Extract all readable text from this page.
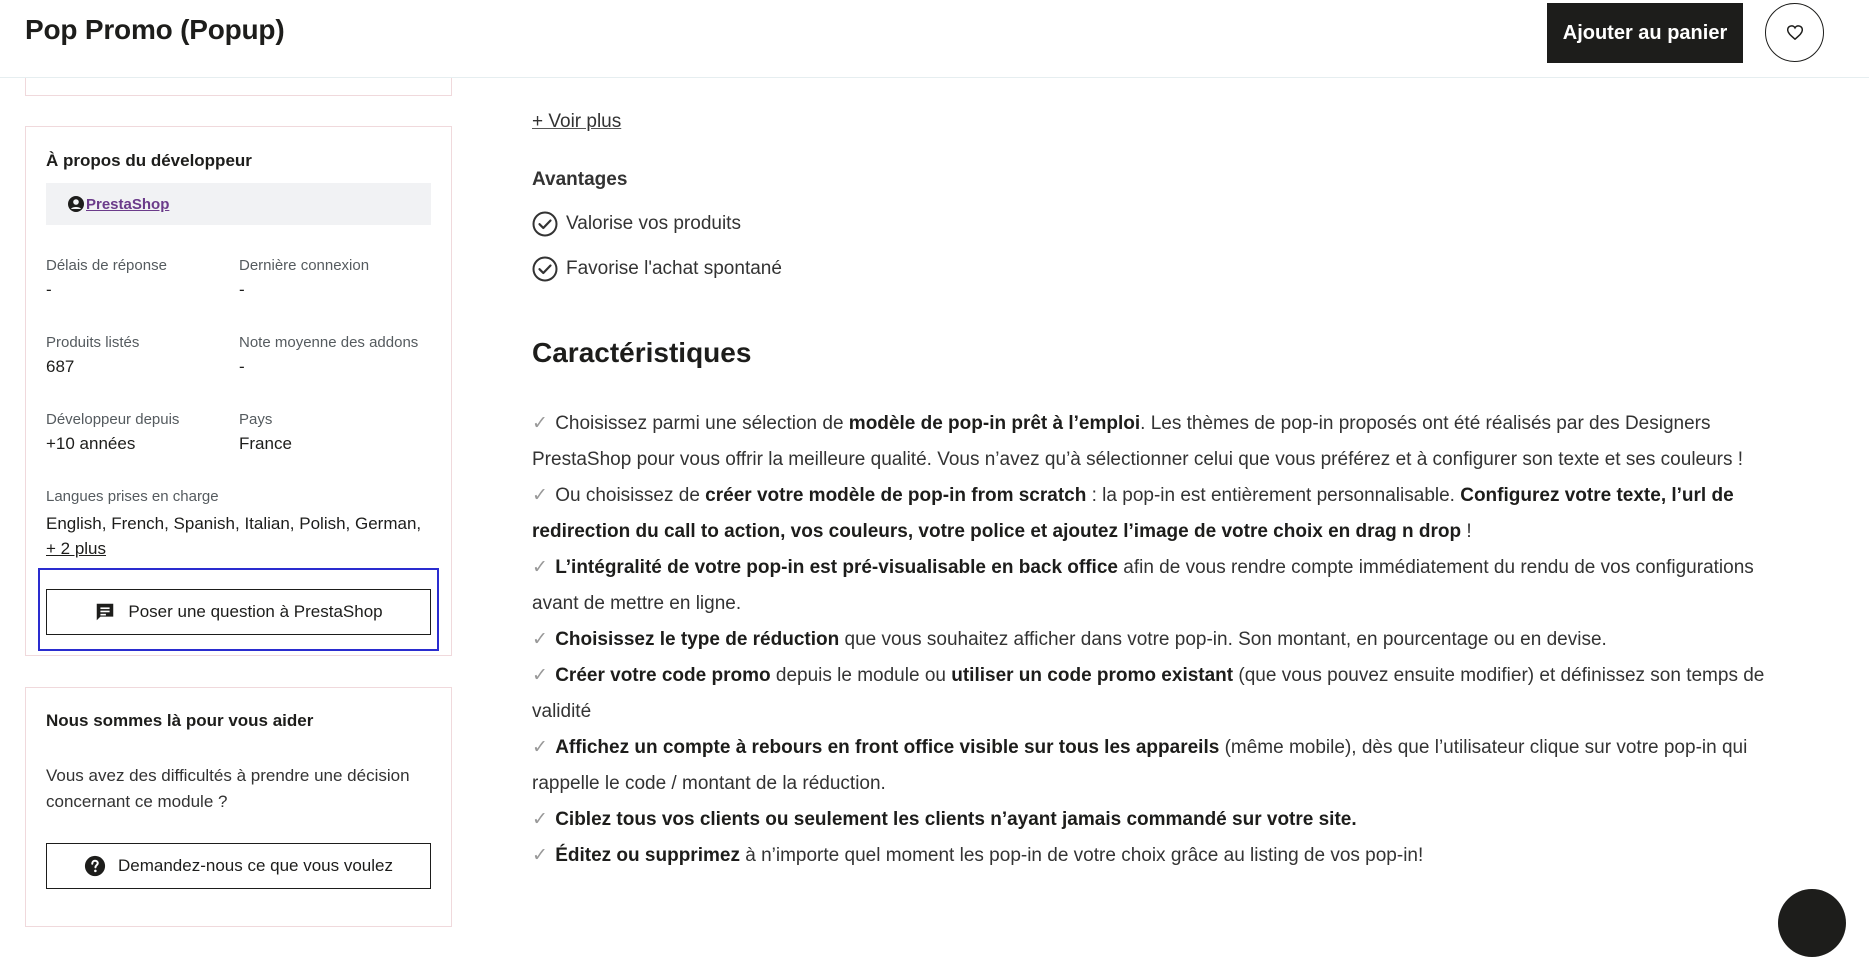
Pop Promo (Popup)	Ajouter au panier
À propos du développeur
PrestaShop
Délais de réponse
-
Dernière connexion
-
Produits listés
687
Note moyenne des addons
-
Développeur depuis
+10 années
Pays
France
Langues prises en charge
English, French, Spanish, Italian, Polish, German,
+ 2 plus
Poser une question à PrestaShop
Nous sommes là pour vous aider
Vous avez des difficultés à prendre une décision concernant ce module ?
Demandez-nous ce que vous voulez
+ Voir plus
Avantages
Valorise vos produits
Favorise l'achat spontané
Caractéristiques

✓ Choisissez parmi une sélection de modèle de pop-in prêt à l’emploi. Les thèmes de pop-in proposés ont été réalisés par des Designers PrestaShop pour vous offrir la meilleure qualité. Vous n’avez qu’à sélectionner celui que vous préférez et à configurer son texte et ses couleurs !

✓ Ou choisissez de créer votre modèle de pop-in from scratch : la pop-in est entièrement personnalisable. Configurez votre texte, l’url de redirection du call to action, vos couleurs, votre police et ajoutez l’image de votre choix en drag n drop !

✓ L’intégralité de votre pop-in est pré-visualisable en back office afin de vous rendre compte immédiatement du rendu de vos configurations avant de mettre en ligne.

✓ Choisissez le type de réduction que vous souhaitez afficher dans votre pop-in. Son montant, en pourcentage ou en devise.

✓ Créer votre code promo depuis le module ou utiliser un code promo existant (que vous pouvez ensuite modifier) et définissez son temps de validité

✓ Affichez un compte à rebours en front office visible sur tous les appareils (même mobile), dès que l’utilisateur clique sur votre pop-in qui rappelle le code / montant de la réduction.

✓ Ciblez tous vos clients ou seulement les clients n’ayant jamais commandé sur votre site.

✓ Éditez ou supprimez à n’importe quel moment les pop-in de votre choix grâce au listing de vos pop-in!
